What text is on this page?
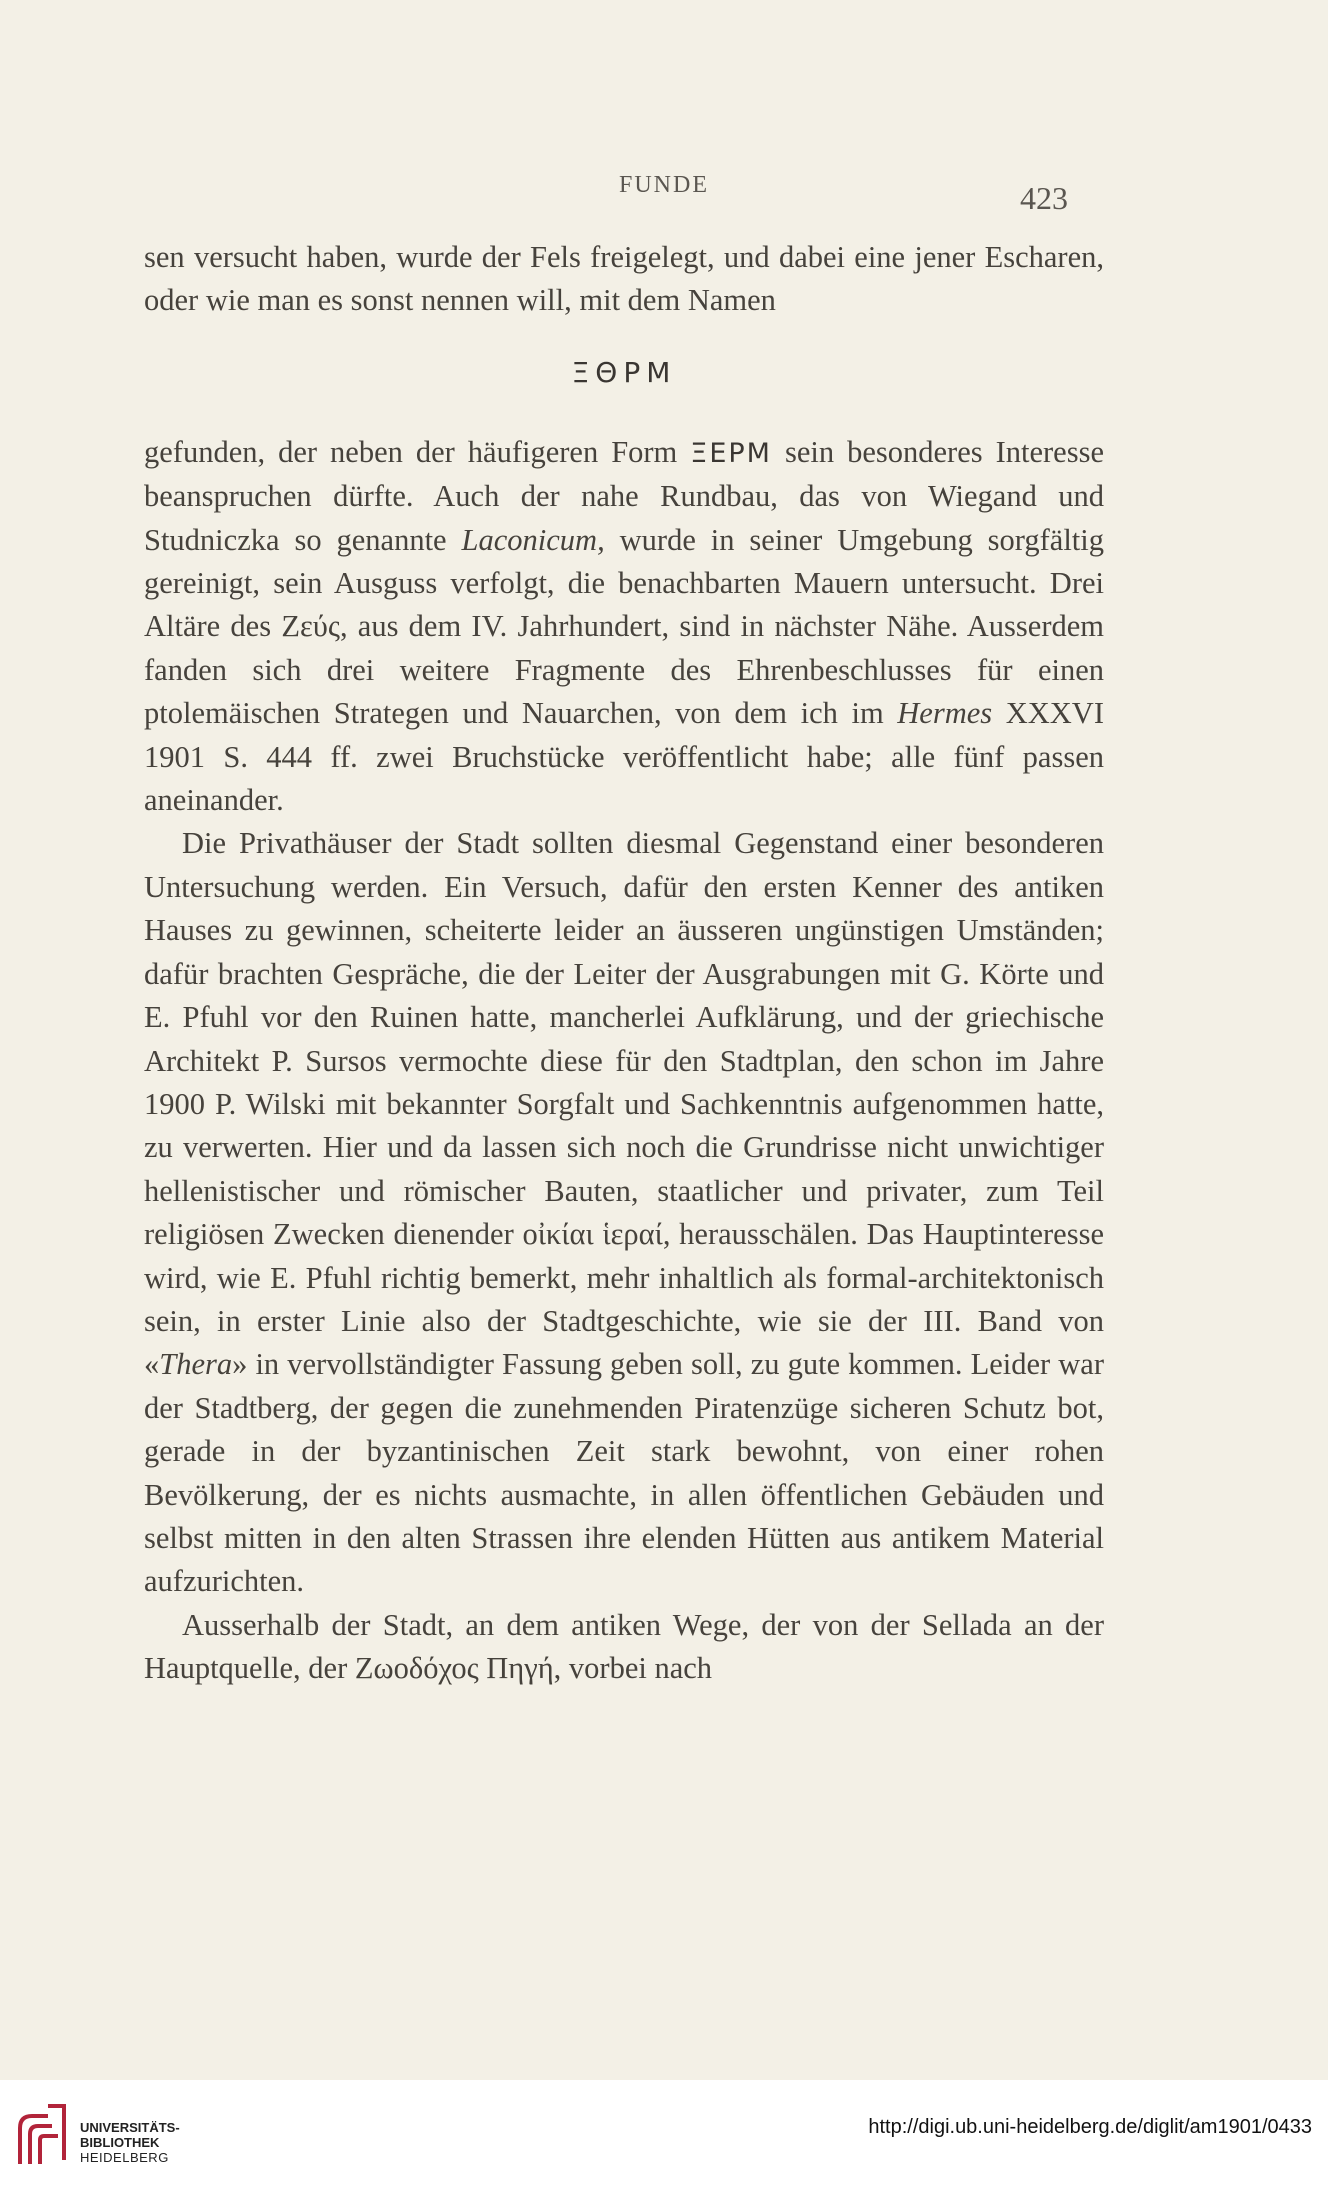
FUNDE	423

sen versucht haben, wurde der Fels freigelegt, und dabei eine jener Escharen, oder wie man es sonst nennen will, mit dem Namen

ΞΘΡΜ

gefunden, der neben der häufigeren Form ΞΕΡΜ sein besonderes Interesse beanspruchen dürfte. Auch der nahe Rundbau, das von Wiegand und Studniczka so genannte Laconicum, wurde in seiner Umgebung sorgfältig gereinigt, sein Ausguss verfolgt, die benachbarten Mauern untersucht. Drei Altäre des Ζεύς, aus dem IV. Jahrhundert, sind in nächster Nähe. Ausserdem fanden sich drei weitere Fragmente des Ehrenbeschlusses für einen ptolemäischen Strategen und Nauarchen, von dem ich im Hermes XXXVI 1901 S. 444 ff. zwei Bruchstücke veröffentlicht habe; alle fünf passen aneinander.

Die Privathäuser der Stadt sollten diesmal Gegenstand einer besonderen Untersuchung werden. Ein Versuch, dafür den ersten Kenner des antiken Hauses zu gewinnen, scheiterte leider an äusseren ungünstigen Umständen; dafür brachten Gespräche, die der Leiter der Ausgrabungen mit G. Körte und E. Pfuhl vor den Ruinen hatte, mancherlei Aufklärung, und der griechische Architekt P. Sursos vermochte diese für den Stadtplan, den schon im Jahre 1900 P. Wilski mit bekannter Sorgfalt und Sachkenntnis aufgenommen hatte, zu verwerten. Hier und da lassen sich noch die Grundrisse nicht unwichtiger hellenistischer und römischer Bauten, staatlicher und privater, zum Teil religiösen Zwecken dienender οἰκίαι ἱεραί, herausschälen. Das Hauptinteresse wird, wie E. Pfuhl richtig bemerkt, mehr inhaltlich als formal-architektonisch sein, in erster Linie also der Stadtgeschichte, wie sie der III. Band von «Thera» in vervollständigter Fassung geben soll, zu gute kommen. Leider war der Stadtberg, der gegen die zunehmenden Piratenzüge sicheren Schutz bot, gerade in der byzantinischen Zeit stark bewohnt, von einer rohen Bevölkerung, der es nichts ausmachte, in allen öffentlichen Gebäuden und selbst mitten in den alten Strassen ihre elenden Hütten aus antikem Material aufzurichten.

Ausserhalb der Stadt, an dem antiken Wege, der von der Sellada an der Hauptquelle, der Ζωοδόχος Πηγή, vorbei nach

UNIVERSITÄTS-
BIBLIOTHEK
HEIDELBERG
http://digi.ub.uni-heidelberg.de/diglit/am1901/0433
